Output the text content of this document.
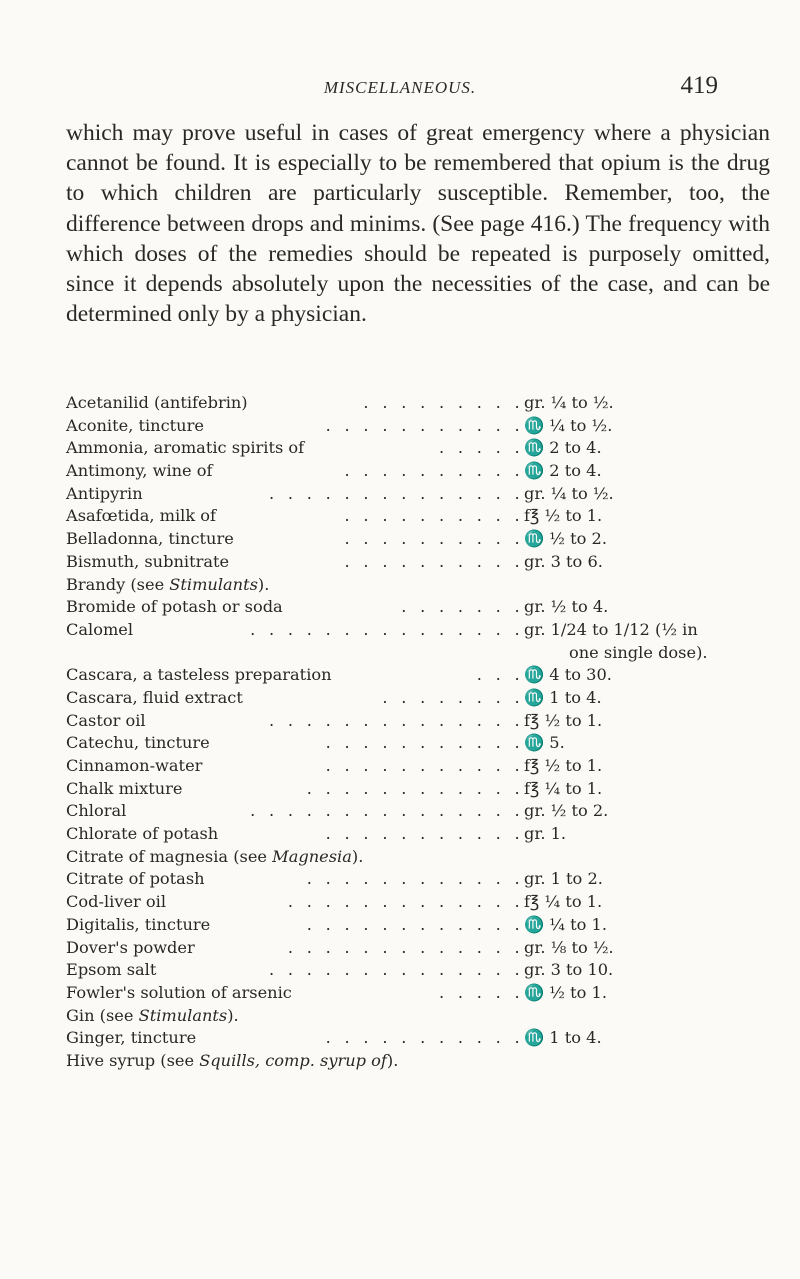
MISCELLANEOUS.	419
which may prove useful in cases of great emergency where a physician cannot be found. It is especially to be remembered that opium is the drug to which children are particularly susceptible. Remember, too, the difference between drops and minims. (See page 416.) The frequency with which doses of the remedies should be repeated is purposely omitted, since it depends absolutely upon the necessities of the case, and can be determined only by a physician.
Acetanilid (antifebrin)	. . . . . . . . . gr. ¼ to ½.
Aconite, tincture	. . . . . . . . . . . ♏ ¼ to ½.
Ammonia, aromatic spirits of	. . . . . ♏ 2 to 4.
Antimony, wine of	. . . . . . . . . . ♏ 2 to 4.
Antipyrin	. . . . . . . . . . . . . . gr. ¼ to ½.
Asafœtida, milk of	. . . . . . . . . . f℥ ½ to 1.
Belladonna, tincture	. . . . . . . . . . ♏ ½ to 2.
Bismuth, subnitrate	. . . . . . . . . . gr. 3 to 6.
Brandy (see Stimulants).
Bromide of potash or soda	. . . . . . . gr. ½ to 4.
Calomel	. . . . . . . . . . . . . . . gr. 1/24 to 1/12 (½ in
one single dose).
Cascara, a tasteless preparation	. . . ♏ 4 to 30.
Cascara, fluid extract	. . . . . . . . ♏ 1 to 4.
Castor oil	. . . . . . . . . . . . . . f℥ ½ to 1.
Catechu, tincture	. . . . . . . . . . . ♏ 5.
Cinnamon-water	. . . . . . . . . . . f℥ ½ to 1.
Chalk mixture	. . . . . . . . . . . . f℥ ¼ to 1.
Chloral	. . . . . . . . . . . . . . . gr. ½ to 2.
Chlorate of potash	. . . . . . . . . . . gr. 1.
Citrate of magnesia (see Magnesia).
Citrate of potash	. . . . . . . . . . . . gr. 1 to 2.
Cod-liver oil	. . . . . . . . . . . . . f℥ ¼ to 1.
Digitalis, tincture	. . . . . . . . . . . . ♏ ¼ to 1.
Dover's powder	. . . . . . . . . . . . . gr. ⅛ to ½.
Epsom salt	. . . . . . . . . . . . . . gr. 3 to 10.
Fowler's solution of arsenic	. . . . . ♏ ½ to 1.
Gin (see Stimulants).
Ginger, tincture	. . . . . . . . . . . ♏ 1 to 4.
Hive syrup (see Squills, comp. syrup of).
